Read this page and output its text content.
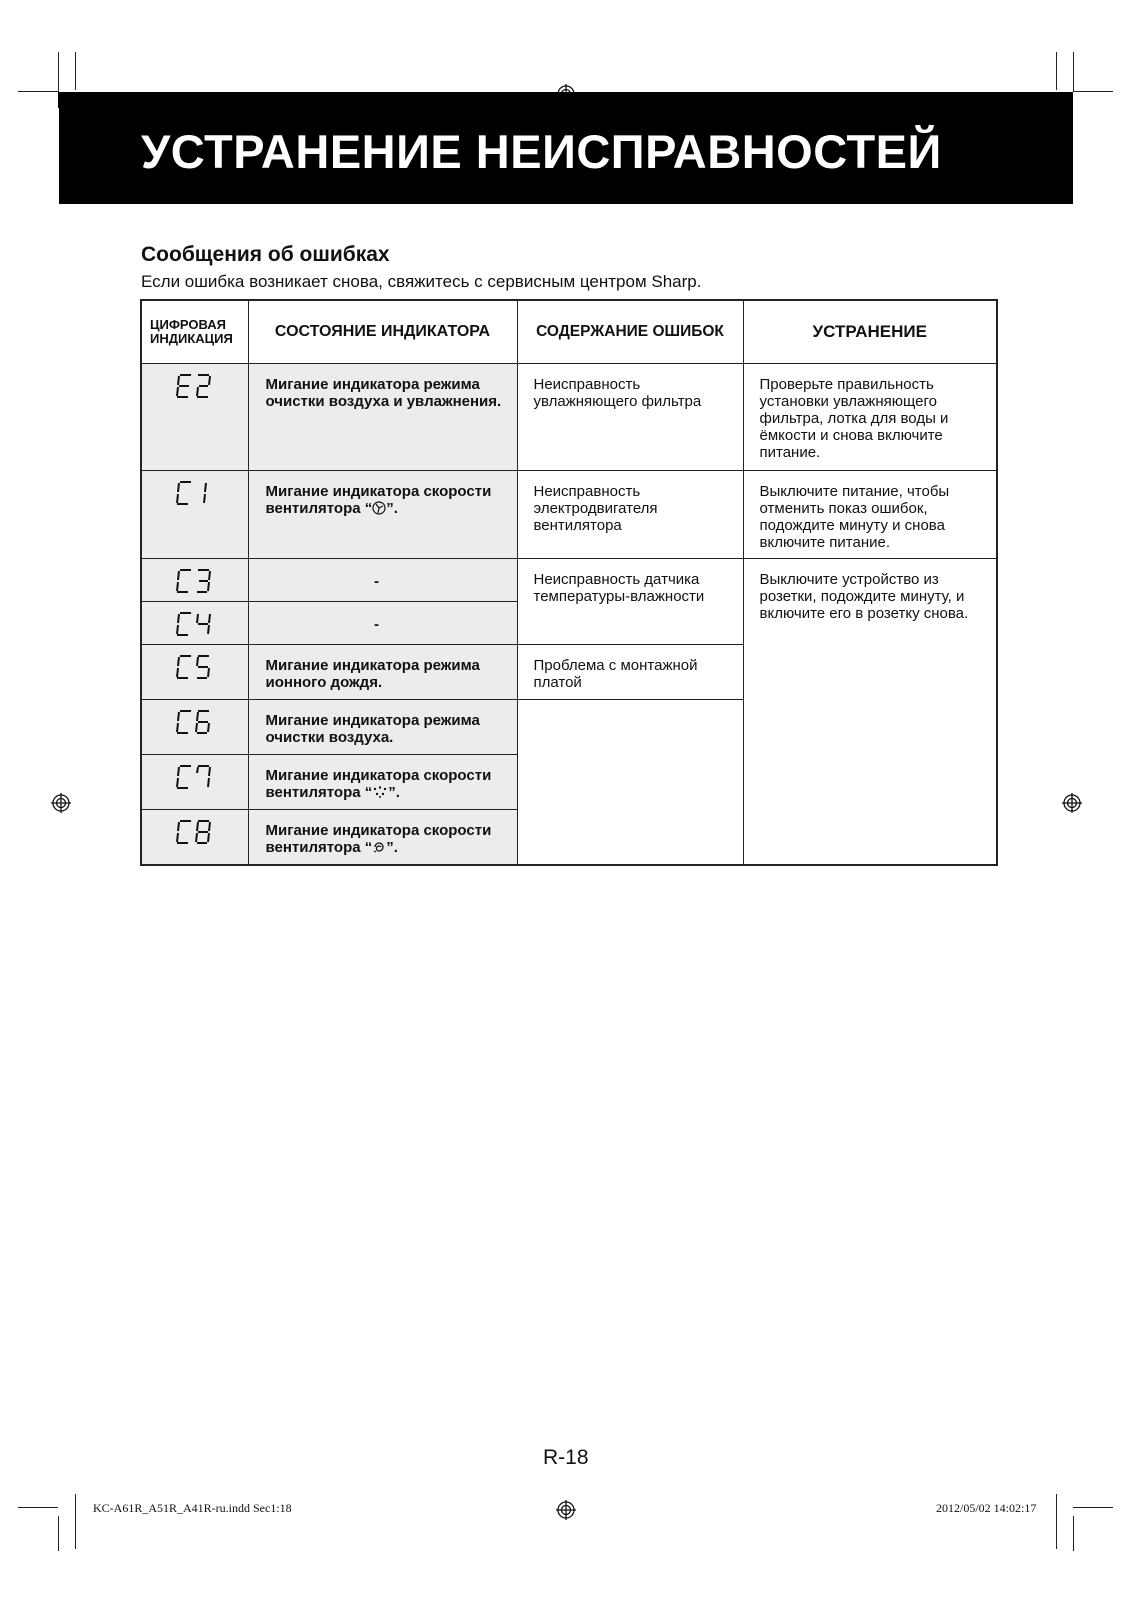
УСТРАНЕНИЕ НЕИСПРАВНОСТЕЙ
Сообщения об ошибках
Если ошибка возникает снова, свяжитесь с сервисным центром Sharp.
ЦИФРОВАЯ ИНДИКАЦИЯ	СОСТОЯНИЕ ИНДИКАТОРА	СОДЕРЖАНИЕ ОШИБОК	УСТРАНЕНИЕ
	Мигание индикатора режима очистки воздуха и увлажнения.	Неисправность увлажняющего фильтра	Проверьте правильность установки увлажняющего фильтра, лотка для воды и ёмкости и снова включите питание.
	Мигание индикатора скорости вентилятора “ ”.	Неисправность электродвигателя вентилятора	Выключите питание, чтобы отменить показ ошибок, подождите минуту и снова включите питание.
	-	Неисправность датчика температуры-влажности	Выключите устройство из розетки, подождите минуту, и включите его в розетку снова.
	-		
	Мигание индикатора режима ионного дождя.	Проблема с монтажной платой	
	Мигание индикатора режима очистки воздуха.		
	Мигание индикатора скорости вентилятора “ ”.		
	Мигание индикатора скорости вентилятора “ ”.		
R-18
KC-A61R_A51R_A41R-ru.indd Sec1:18	2012/05/02 14:02:17
